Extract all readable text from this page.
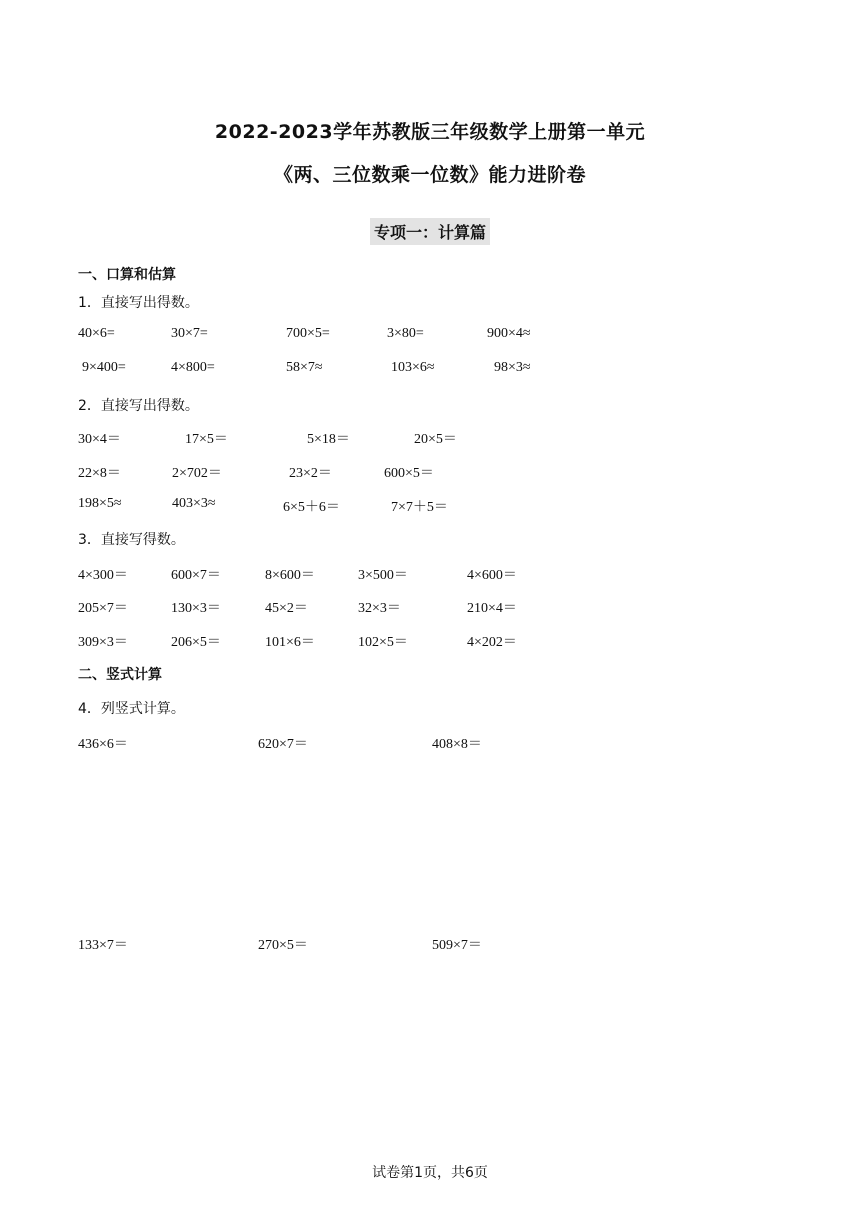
2022-2023学年苏教版三年级数学上册第一单元
《两、三位数乘一位数》能力进阶卷
专项一：计算篇
一、口算和估算
1．直接写出得数。
40×6=	30×7=	700×5=	3×80=	900×4≈
9×400=	4×800=	58×7≈	103×6≈	98×3≈
2．直接写出得数。
30×4＝	17×5＝	5×18＝	20×5＝
22×8＝	2×702＝	23×2＝	600×5＝
198×5≈	403×3≈	6×5＋6＝	7×7＋5＝
3．直接写得数。
4×300＝	600×7＝	8×600＝	3×500＝	4×600＝
205×7＝	130×3＝	45×2＝	32×3＝	210×4＝
309×3＝	206×5＝	101×6＝	102×5＝	4×202＝
二、竖式计算
4．列竖式计算。
436×6＝	620×7＝	408×8＝
133×7＝	270×5＝	509×7＝
试卷第1页，共6页
